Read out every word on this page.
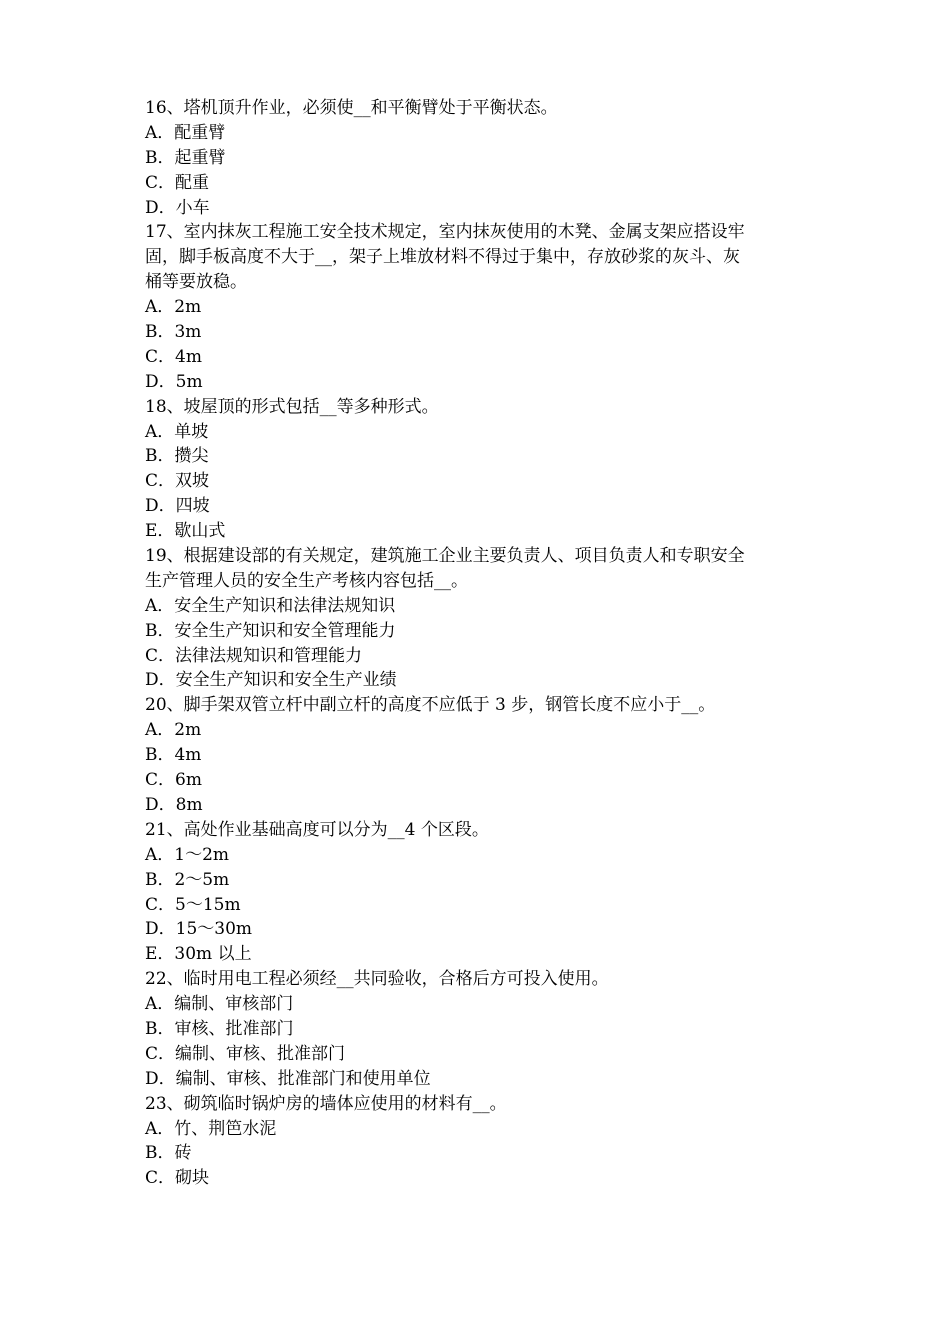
16、塔机顶升作业，必须使__和平衡臂处于平衡状态。
A．配重臂
B．起重臂
C．配重
D．小车
17、室内抹灰工程施工安全技术规定，室内抹灰使用的木凳、金属支架应搭设牢
固，脚手板高度不大于__，架子上堆放材料不得过于集中，存放砂浆的灰斗、灰
桶等要放稳。
A．2m
B．3m
C．4m
D．5m
18、坡屋顶的形式包括__等多种形式。
A．单坡
B．攒尖
C．双坡
D．四坡
E．歇山式
19、根据建设部的有关规定，建筑施工企业主要负责人、项目负责人和专职安全
生产管理人员的安全生产考核内容包括__。
A．安全生产知识和法律法规知识
B．安全生产知识和安全管理能力
C．法律法规知识和管理能力
D．安全生产知识和安全生产业绩
20、脚手架双管立杆中副立杆的高度不应低于 3 步，钢管长度不应小于__。
A．2m
B．4m
C．6m
D．8m
21、高处作业基础高度可以分为__4 个区段。
A．1～2m
B．2～5m
C．5～15m
D．15～30m
E．30m 以上
22、临时用电工程必须经__共同验收，合格后方可投入使用。
A．编制、审核部门
B．审核、批准部门
C．编制、审核、批准部门
D．编制、审核、批准部门和使用单位
23、砌筑临时锅炉房的墙体应使用的材料有__。
A．竹、荆笆水泥
B．砖
C．砌块
